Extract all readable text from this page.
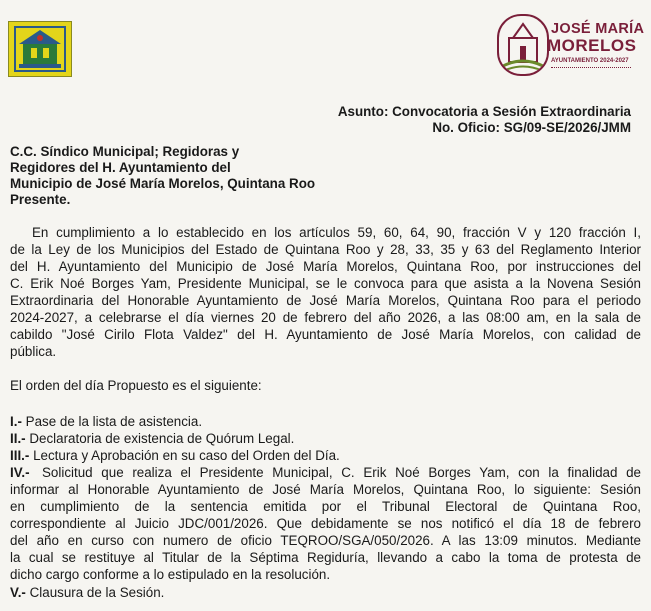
JOSÉ MARÍA
MORELOS
AYUNTAMIENTO 2024-2027
Asunto: Convocatoria a Sesión Extraordinaria
No. Oficio: SG/09-SE/2026/JMM
C.C. Síndico Municipal; Regidoras y
Regidores del H. Ayuntamiento del
Municipio de José María Morelos, Quintana Roo
Presente.
En cumplimiento a lo establecido en los artículos 59, 60, 64, 90, fracción V y 120 fracción I,
de la Ley de los Municipios del Estado de Quintana Roo y 28, 33, 35 y 63 del Reglamento Interior
del H. Ayuntamiento del Municipio de José María Morelos, Quintana Roo, por instrucciones del
C. Erik Noé Borges Yam, Presidente Municipal, se le convoca para que asista a la Novena Sesión
Extraordinaria del Honorable Ayuntamiento de José María Morelos, Quintana Roo para el periodo
2024-2027, a celebrarse el día viernes 20 de febrero del año 2026, a las 08:00 am, en la sala de
cabildo "José Cirilo Flota Valdez" del H. Ayuntamiento de José María Morelos, con calidad de
pública.
El orden del día Propuesto es el siguiente:
I.- Pase de la lista de asistencia.
II.- Declaratoria de existencia de Quórum Legal.
III.- Lectura y Aprobación en su caso del Orden del Día.
IV.- Solicitud que realiza el Presidente Municipal, C. Erik Noé Borges Yam, con la finalidad de
informar al Honorable Ayuntamiento de José María Morelos, Quintana Roo, lo siguiente: Sesión
en cumplimiento de la sentencia emitida por el Tribunal Electoral de Quintana Roo,
correspondiente al Juicio JDC/001/2026. Que debidamente se nos notificó el día 18 de febrero
del año en curso con numero de oficio TEQROO/SGA/050/2026. A las 13:09 minutos. Mediante
la cual se restituye al Titular de la Séptima Regiduría, llevando a cabo la toma de protesta de
dicho cargo conforme a lo estipulado en la resolución.
V.- Clausura de la Sesión.
